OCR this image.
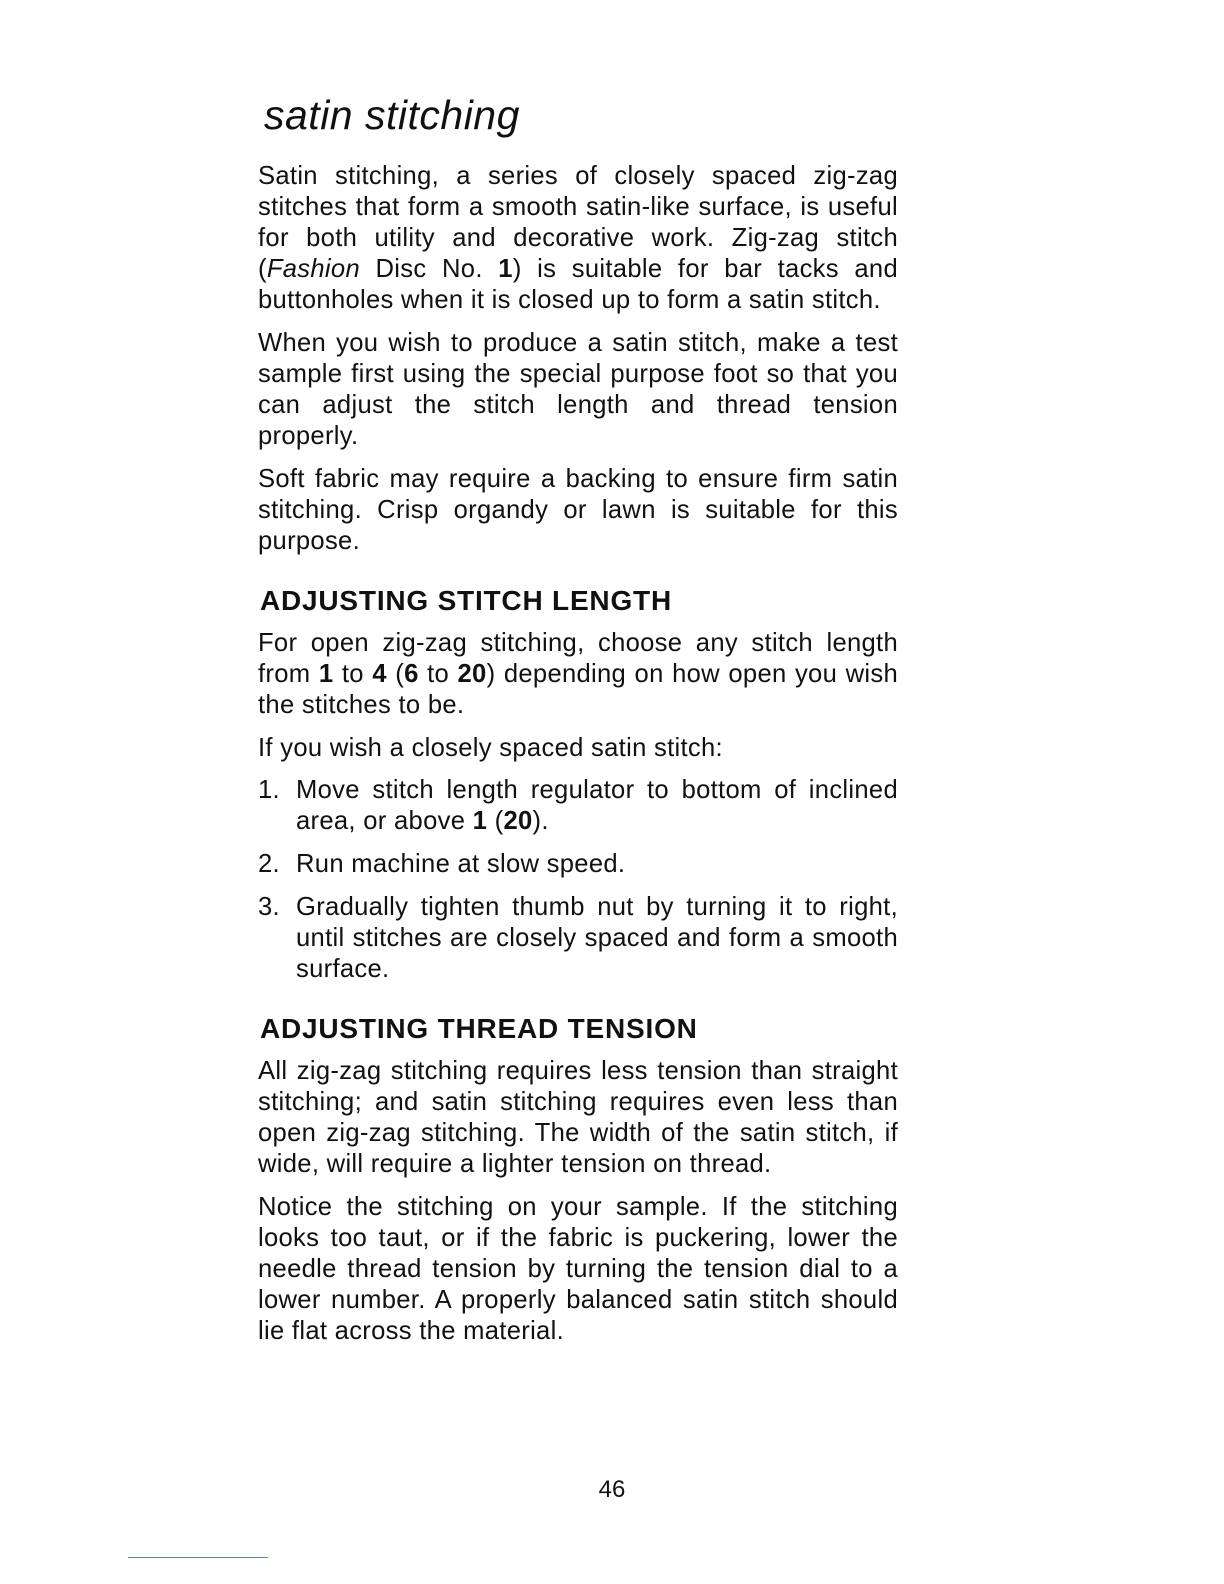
satin stitching

Satin stitching, a series of closely spaced zig-zag stitches that form a smooth satin-like surface, is useful for both utility and decorative work. Zig-zag stitch (Fashion Disc No. 1) is suitable for bar tacks and buttonholes when it is closed up to form a satin stitch.

When you wish to produce a satin stitch, make a test sample first using the special purpose foot so that you can adjust the stitch length and thread tension properly.

Soft fabric may require a backing to ensure firm satin stitching. Crisp organdy or lawn is suitable for this purpose.

ADJUSTING STITCH LENGTH

For open zig-zag stitching, choose any stitch length from 1 to 4 (6 to 20) depending on how open you wish the stitches to be.

If you wish a closely spaced satin stitch:

1. Move stitch length regulator to bottom of inclined area, or above 1 (20).
2. Run machine at slow speed.
3. Gradually tighten thumb nut by turning it to right, until stitches are closely spaced and form a smooth surface.
ADJUSTING THREAD TENSION

All zig-zag stitching requires less tension than straight stitching; and satin stitching requires even less than open zig-zag stitching. The width of the satin stitch, if wide, will require a lighter tension on thread.

Notice the stitching on your sample. If the stitching looks too taut, or if the fabric is puckering, lower the needle thread tension by turning the tension dial to a lower number. A properly balanced satin stitch should lie flat across the material.

46
